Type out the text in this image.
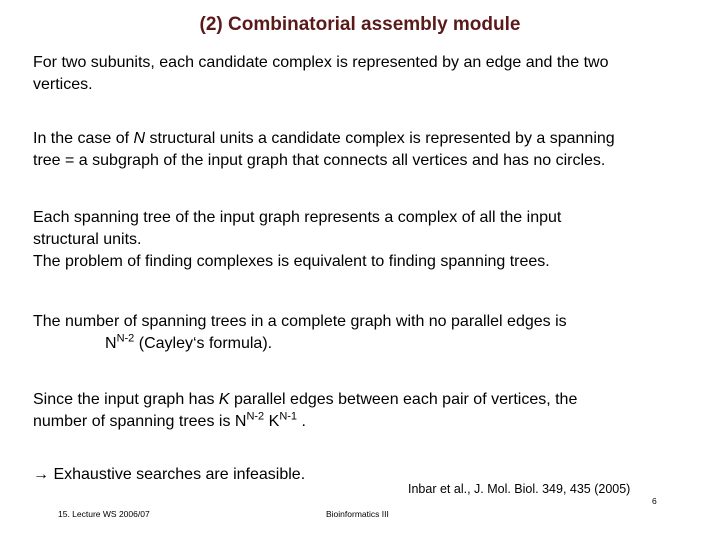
(2) Combinatorial assembly module
For two subunits, each candidate complex is represented by an edge and the two
vertices.
In the case of N structural units a candidate complex is represented by a spanning
tree = a subgraph of the input graph that connects all vertices and has no circles.
Each spanning tree of the input graph represents a complex of all the input
structural units.
The problem of finding complexes is equivalent to finding spanning trees.
The number of spanning trees in a complete graph with no parallel edges is
$N^{N-2}$ (Cayley‘s formula).
Since the input graph has K parallel edges between each pair of vertices, the
number of spanning trees is $N^{N-2}$ $K^{N-1}$ .
→ Exhaustive searches are infeasible.
Inbar et al., J. Mol. Biol. 349, 435 (2005)
6
15. Lecture WS 2006/07	Bioinformatics III
